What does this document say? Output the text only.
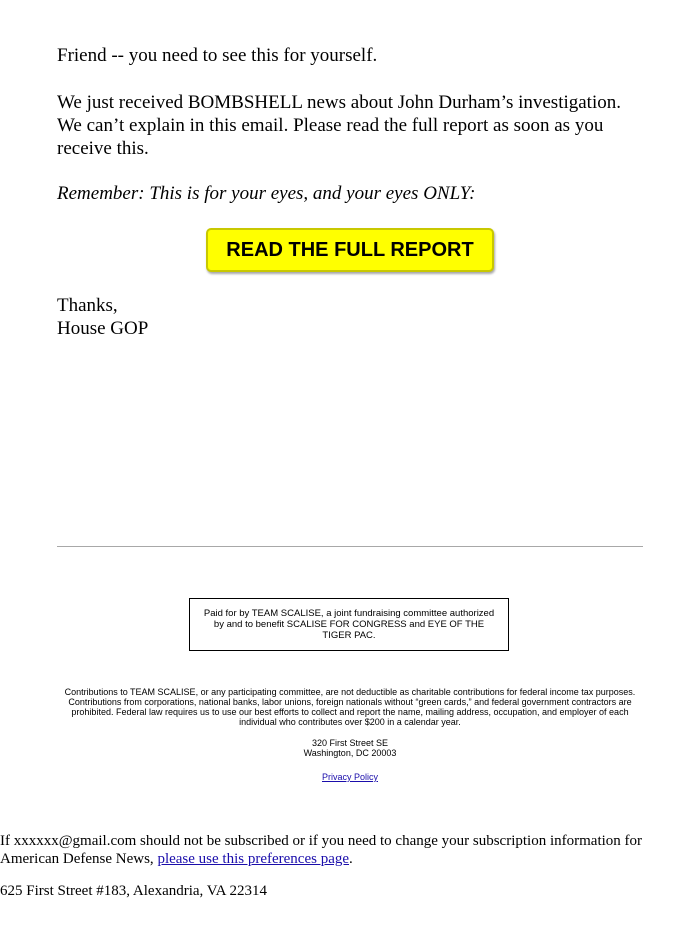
Friend -- you need to see this for yourself.

We just received BOMBSHELL news about John Durham’s investigation. We can’t explain in this email. Please read the full report as soon as you receive this.

Remember: This is for your eyes, and your eyes ONLY:

READ THE FULL REPORT
Thanks,
House GOP
Paid for by TEAM SCALISE, a joint fundraising committee authorized by and to benefit SCALISE FOR CONGRESS and EYE OF THE TIGER PAC.
Contributions to TEAM SCALISE, or any participating committee, are not deductible as charitable contributions for federal income tax purposes. Contributions from corporations, national banks, labor unions, foreign nationals without “green cards,” and federal government contractors are prohibited. Federal law requires us to use our best efforts to collect and report the name, mailing address, occupation, and employer of each individual who contributes over $200 in a calendar year.
320 First Street SE
Washington, DC 20003
Privacy Policy
If xxxxxx@gmail.com should not be subscribed or if you need to change your subscription information for American Defense News, please use this preferences page.
625 First Street #183, Alexandria, VA 22314
